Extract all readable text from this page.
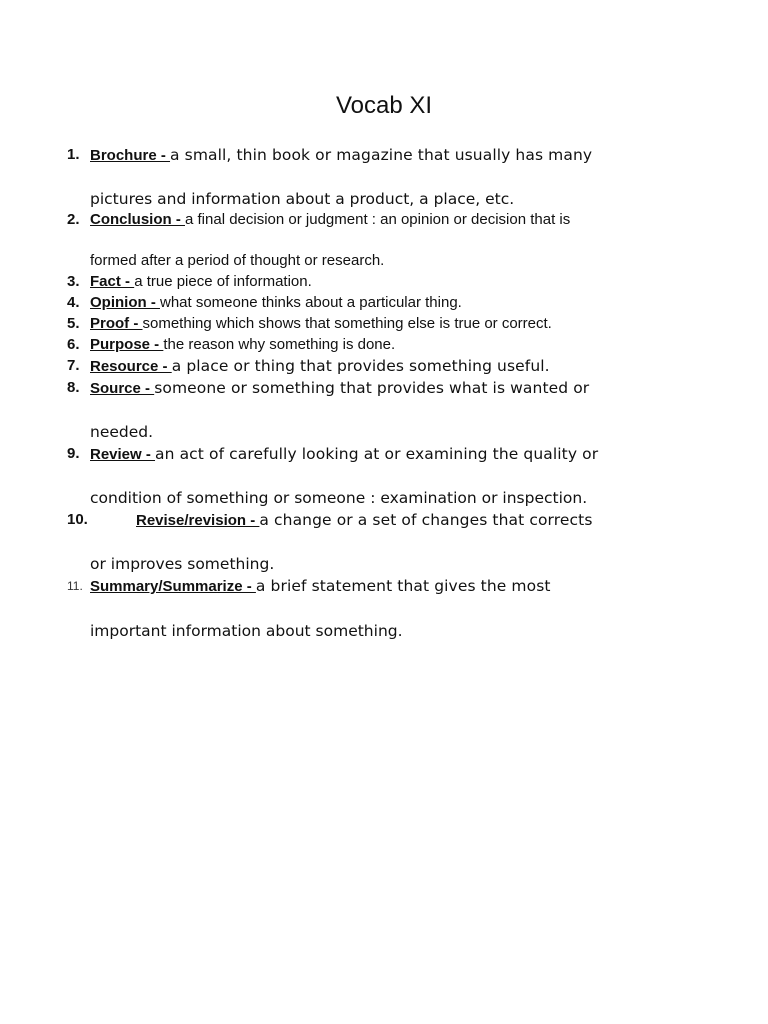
Vocab XI
1. Brochure - a small, thin book or magazine that usually has many
pictures and information about a product, a place, etc.
2. Conclusion - a final decision or judgment : an opinion or decision that is
formed after a period of thought or research.
3. Fact - a true piece of information.
4. Opinion - what someone thinks about a particular thing.
5. Proof - something which shows that something else is true or correct.
6. Purpose - the reason why something is done.
7. Resource - a place or thing that provides something useful.
8. Source - someone or something that provides what is wanted or
needed.
9. Review - an act of carefully looking at or examining the quality or
condition of something or someone : examination or inspection.
10.	Revise/revision - a change or a set of changes that corrects
or improves something.
11. Summary/Summarize - a brief statement that gives the most
important information about something.
